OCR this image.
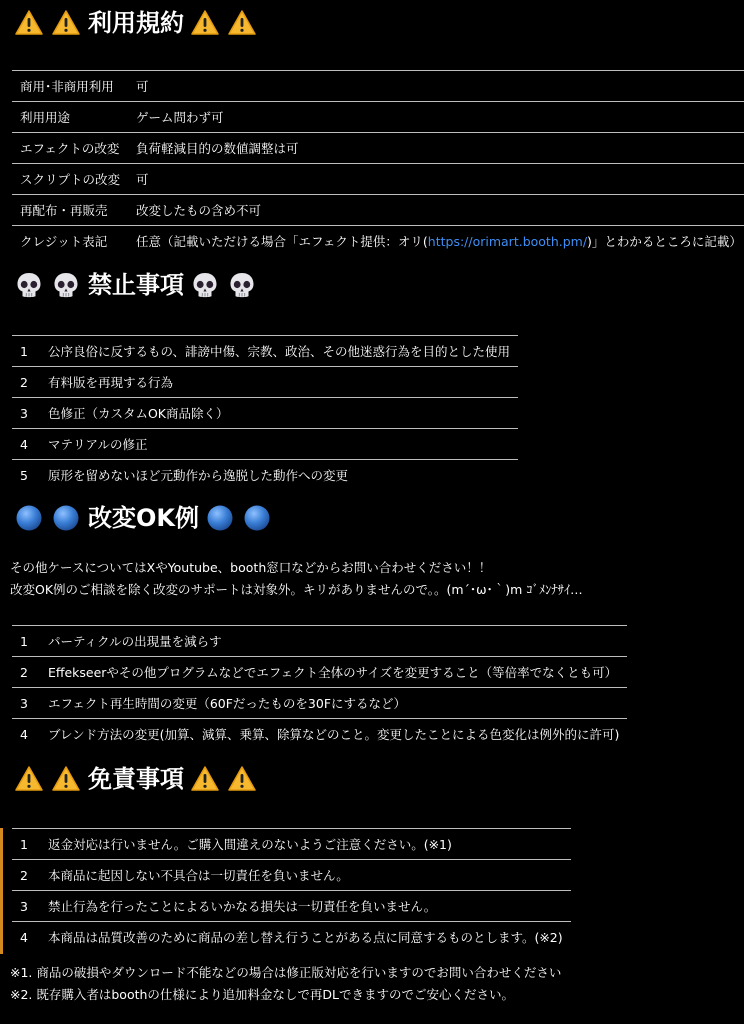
利用規約
商用･非商用利用	可
利用用途	ゲーム問わず可
エフェクトの改変	負荷軽減目的の数値調整は可
スクリプトの改変	可
再配布・再販売	改変したもの含め不可
クレジット表記	任意（記載いただける場合「エフェクト提供：オリ(https://orimart.booth.pm/)」とわかるところに記載）
禁止事項
1	公序良俗に反するもの、誹謗中傷、宗教、政治、その他迷惑行為を目的とした使用
2	有料版を再現する行為
3	色修正（カスタムOK商品除く）
4	マテリアルの修正
5	原形を留めないほど元動作から逸脱した動作への変更
改変OK例
その他ケースについてはXやYoutube、booth窓口などからお問い合わせください！！
改変OK例のご相談を除く改変のサポートは対象外。キリがありませんので。。(m´･ω･｀)m ｺﾞﾒﾝﾅｻｲ…
1	パーティクルの出現量を減らす
2	Effekseerやその他プログラムなどでエフェクト全体のサイズを変更すること（等倍率でなくとも可）
3	エフェクト再生時間の変更（60Fだったものを30Fにするなど）
4	ブレンド方法の変更(加算、減算、乗算、除算などのこと。変更したことによる色変化は例外的に許可)
免責事項
1	返金対応は行いません。ご購入間違えのないようご注意ください。(※1)
2	本商品に起因しない不具合は一切責任を負いません。
3	禁止行為を行ったことによるいかなる損失は一切責任を負いません。
4	本商品は品質改善のために商品の差し替え行うことがある点に同意するものとします。(※2)
※1. 商品の破損やダウンロード不能などの場合は修正版対応を行いますのでお問い合わせください
※2. 既存購入者はboothの仕様により追加料金なしで再DLできますのでご安心ください。
